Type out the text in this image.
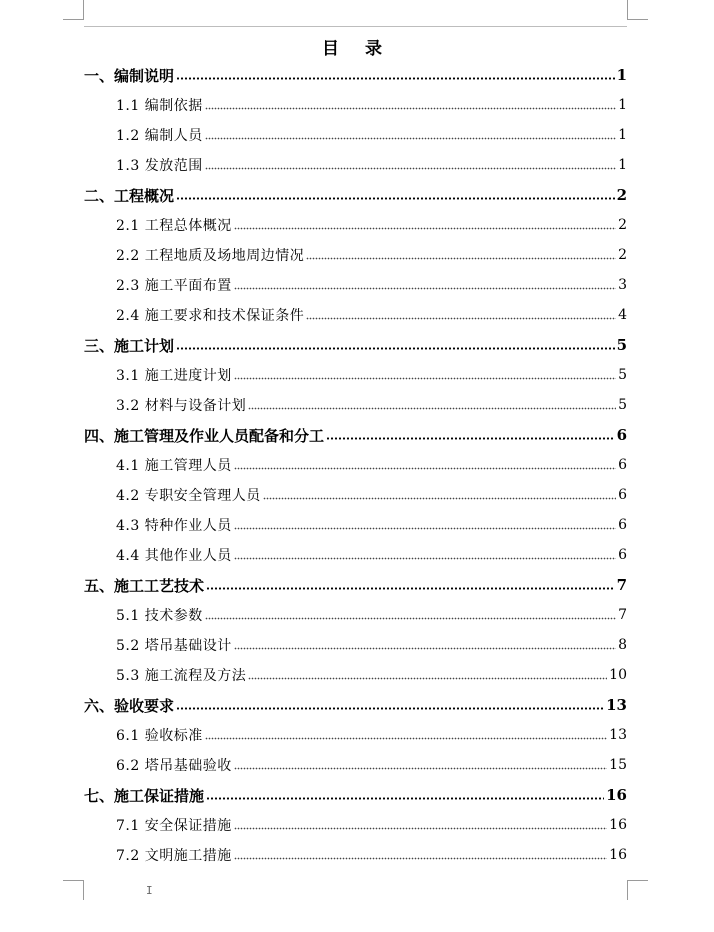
目 录
一、编制说明	1
1.1 编制依据	1
1.2 编制人员	1
1.3 发放范围	1
二、工程概况	2
2.1 工程总体概况	2
2.2 工程地质及场地周边情况	2
2.3 施工平面布置	3
2.4 施工要求和技术保证条件	4
三、施工计划	5
3.1 施工进度计划	5
3.2 材料与设备计划	5
四、施工管理及作业人员配备和分工	6
4.1 施工管理人员	6
4.2 专职安全管理人员	6
4.3 特种作业人员	6
4.4 其他作业人员	6
五、施工工艺技术	7
5.1 技术参数	7
5.2 塔吊基础设计	8
5.3 施工流程及方法	10
六、验收要求	13
6.1 验收标准	13
6.2 塔吊基础验收	15
七、施工保证措施	16
7.1 安全保证措施	16
7.2 文明施工措施	16
I
